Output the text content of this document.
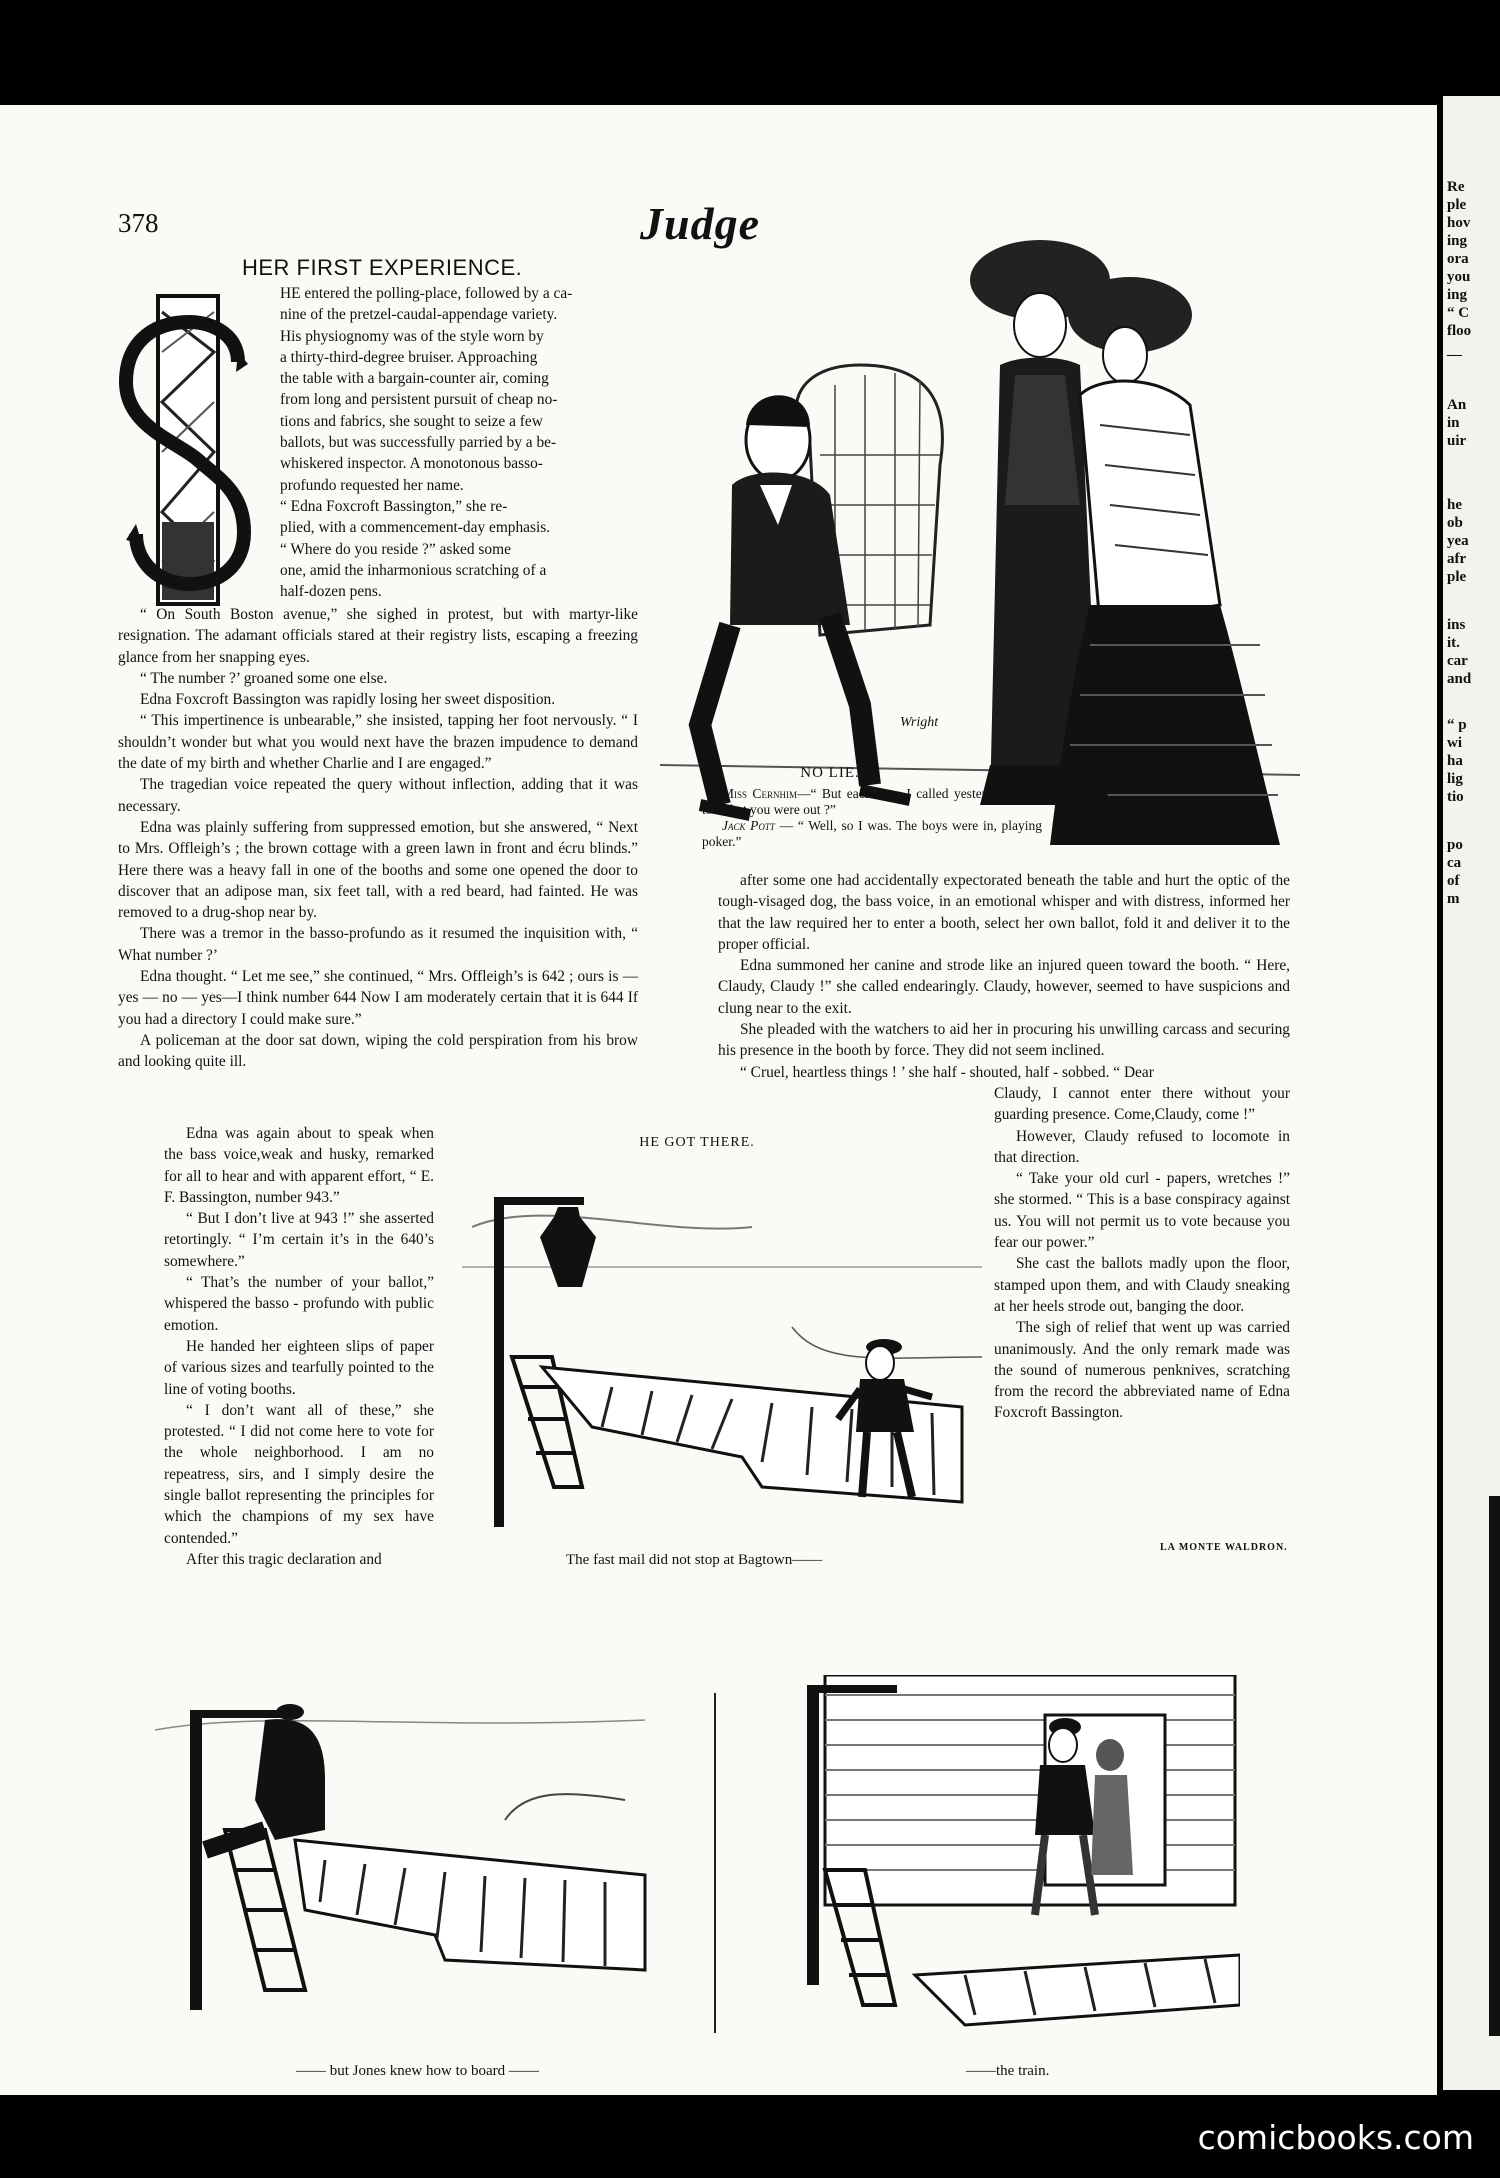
378	Judge
HER FIRST EXPERIENCE.
HE entered the polling-place, followed by a ca-
nine of the pretzel-caudal-appendage variety.
His physiognomy was of the style worn by
a thirty-third-degree bruiser. Approaching
the table with a bargain-counter air, coming
from long and persistent pursuit of cheap no-
tions and fabrics, she sought to seize a few
ballots, but was successfully parried by a be-
whiskered inspector. A monotonous basso-
profundo requested her name.
“ Edna Foxcroft Bassington,” she re-
plied, with a commencement-day emphasis.
“ Where do you reside ?” asked some
one, amid the inharmonious scratching of a
half-dozen pens.

“ On South Boston avenue,” she sighed in protest, but with martyr-like resignation. The adamant officials stared at their registry lists, escaping a freezing glance from her snapping eyes.

“ The number ?’ groaned some one else.

Edna Foxcroft Bassington was rapidly losing her sweet disposition.

“ This impertinence is unbearable,” she insisted, tapping her foot nervously. “ I shouldn’t wonder but what you would next have the brazen impudence to demand the date of my birth and whether Charlie and I are engaged.”

The tragedian voice repeated the query without inflection, adding that it was necessary.

Edna was plainly suffering from suppressed emotion, but she answered, “ Next to Mrs. Offleigh’s ; the brown cottage with a green lawn in front and écru blinds.” Here there was a heavy fall in one of the booths and some one opened the door to discover that an adipose man, six feet tall, with a red beard, had fainted. He was removed to a drug-shop near by.

There was a tremor in the basso-profundo as it resumed the inquisition with, “ What number ?’

Edna thought. “ Let me see,” she continued, “ Mrs. Offleigh’s is 642 ; ours is — yes — no — yes—I think number 644 Now I am moderately certain that it is 644 If you had a directory I could make sure.”

A policeman at the door sat down, wiping the cold perspiration from his brow and looking quite ill.

Edna was again about to speak when the bass voice,weak and husky, remarked for all to hear and with apparent effort, “ E. F. Bassington, number 943.”

“ But I don’t live at 943 !” she asserted retortingly. “ I’m certain it’s in the 640’s somewhere.”

“ That’s the number of your ballot,” whispered the basso - profundo with public emotion.

He handed her eighteen slips of paper of various sizes and tearfully pointed to the line of voting booths.

“ I don’t want all of these,” she protested. “ I did not come here to vote for the whole neighborhood. I am no repeatress, sirs, and I simply desire the single ballot representing the principles for which the champions of my sex have contended.”

After this tragic declaration and

after some one had accidentally expectorated beneath the table and hurt the optic of the tough-visaged dog, the bass voice, in an emotional whisper and with distress, informed her that the law required her to enter a booth, select her own ballot, fold it and deliver it to the proper official.

Edna summoned her canine and strode like an injured queen toward the booth. “ Here, Claudy, Claudy !” she called endearingly. Claudy, however, seemed to have suspicions and clung near to the exit.

She pleaded with the watchers to aid her in procuring his unwilling carcass and securing his presence in the booth by force. They did not seem inclined.

“ Cruel, heartless things ! ’ she half - shouted, half - sobbed. “ Dear

Claudy, I cannot enter there without your guarding presence. Come,Claudy, come !”

However, Claudy refused to locomote in that direction.

“ Take your old curl - papers, wretches !” she stormed. “ This is a base conspiracy against us. You will not permit us to vote because you fear our power.”

She cast the ballots madly upon the floor, stamped upon them, and with Claudy sneaking at her heels strode out, banging the door.

The sigh of relief that went up was carried unanimously. And the only remark made was the sound of numerous penknives, scratching from the record the abbreviated name of Edna Foxcroft Bassington.

LA MONTE WALDRON.
Wright
NO LIE.
Miss Cernhim—“ But each time I called yesterday I was told that you were out ?”
Jack Pott — “ Well, so I was. The boys were in, playing poker.”
HE GOT THERE.
The fast mail did not stop at Bagtown——
—— but Jones knew how to board ——	——the train.
Re
ple
hov
ing
ora
you
ing
“ C
floo
—
An
in
uir
he
ob
yea
afr
ple
ins
it.
car
and
“ p
wi
ha
lig
tio
po
ca
of
m
comicbooks.com
